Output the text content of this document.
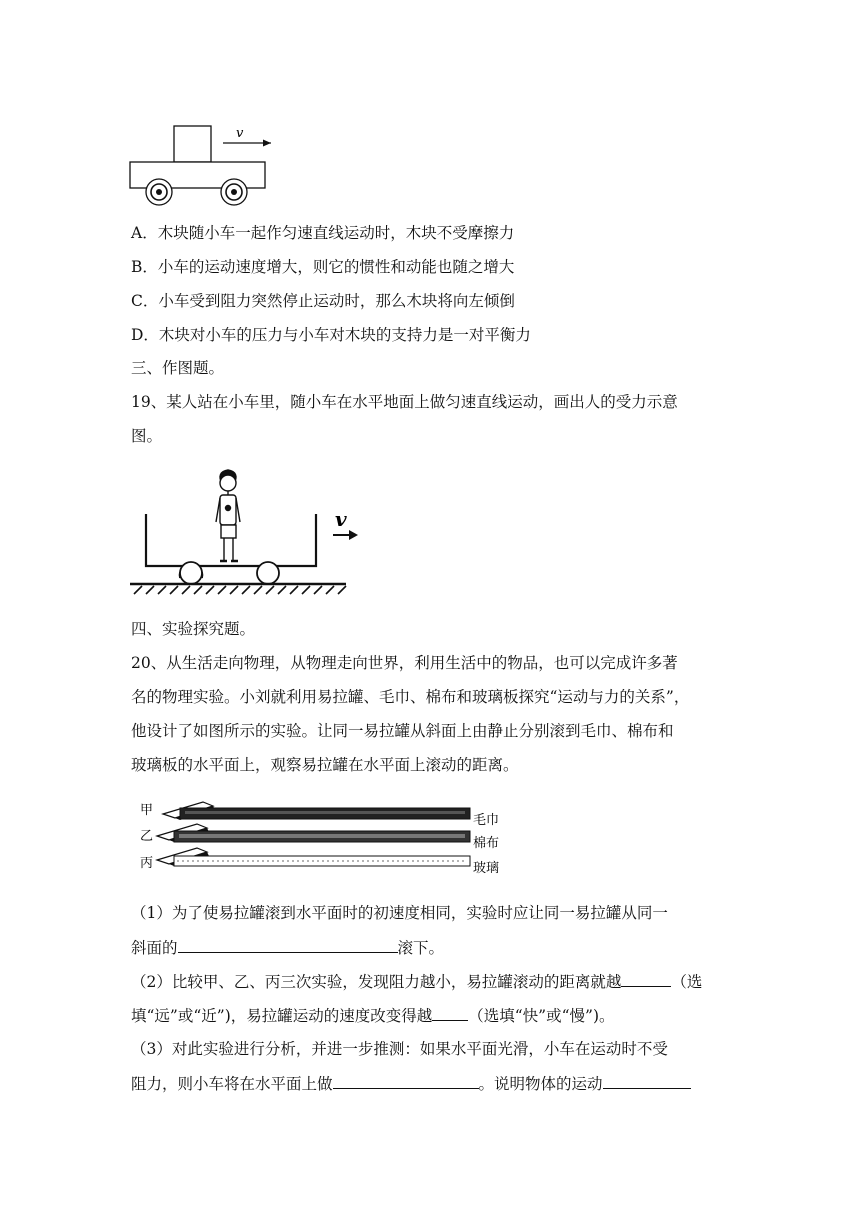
v
A．木块随小车一起作匀速直线运动时，木块不受摩擦力
B．小车的运动速度增大，则它的惯性和动能也随之增大
C．小车受到阻力突然停止运动时，那么木块将向左倾倒
D．木块对小车的压力与小车对木块的支持力是一对平衡力
三、作图题。
19、某人站在小车里，随小车在水平地面上做匀速直线运动，画出人的受力示意
图。
v
四、实验探究题。
20、从生活走向物理，从物理走向世界，利用生活中的物品，也可以完成许多著
名的物理实验。小刘就利用易拉罐、毛巾、棉布和玻璃板探究“运动与力的关系”，
他设计了如图所示的实验。让同一易拉罐从斜面上由静止分别滚到毛巾、棉布和
玻璃板的水平面上，观察易拉罐在水平面上滚动的距离。
甲
毛巾
乙	棉布
丙	玻璃
（1）为了使易拉罐滚到水平面时的初速度相同，实验时应让同一易拉罐从同一
斜面的	滚下。
（2）比较甲、乙、丙三次实验，发现阻力越小，易拉罐滚动的距离就越	（选
填“远”或“近”)，易拉罐运动的速度改变得越 （选填“快”或“慢”)。
（3）对此实验进行分析，并进一步推测：如果水平面光滑，小车在运动时不受
阻力，则小车将在水平面上做	。说明物体的运动
